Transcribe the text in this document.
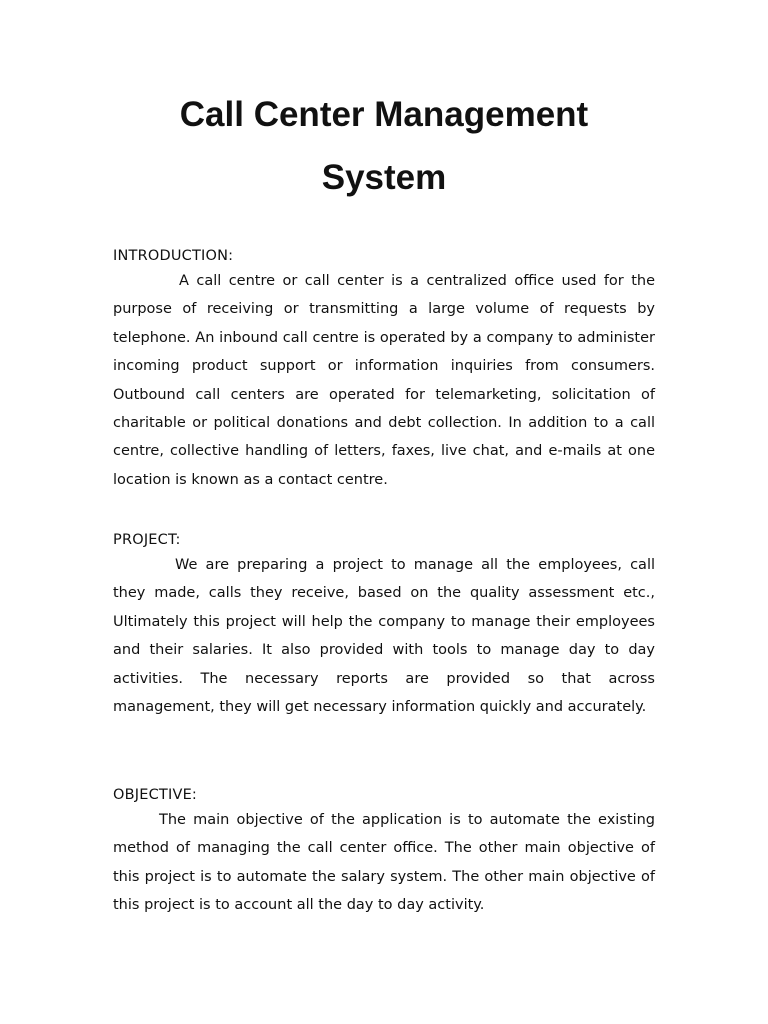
Call Center Management
System
INTRODUCTION:

A call centre or call center is a centralized office used for the purpose of receiving or transmitting a large volume of requests by telephone. An inbound call centre is operated by a company to administer incoming product support or information inquiries from consumers. Outbound call centers are operated for telemarketing, solicitation of charitable or political donations and debt collection. In addition to a call centre, collective handling of letters, faxes, live chat, and e-mails at one location is known as a contact centre.

PROJECT:

We are preparing a project to manage all the employees, call they made, calls they receive, based on the quality assessment etc., Ultimately this project will help the company to manage their employees and their salaries. It also provided with tools to manage day to day activities. The necessary reports are provided so that across management, they will get necessary information quickly and accurately.

OBJECTIVE:

The main objective of the application is to automate the existing method of managing the call center office. The other main objective of this project is to automate the salary system. The other main objective of this project is to account all the day to day activity.
